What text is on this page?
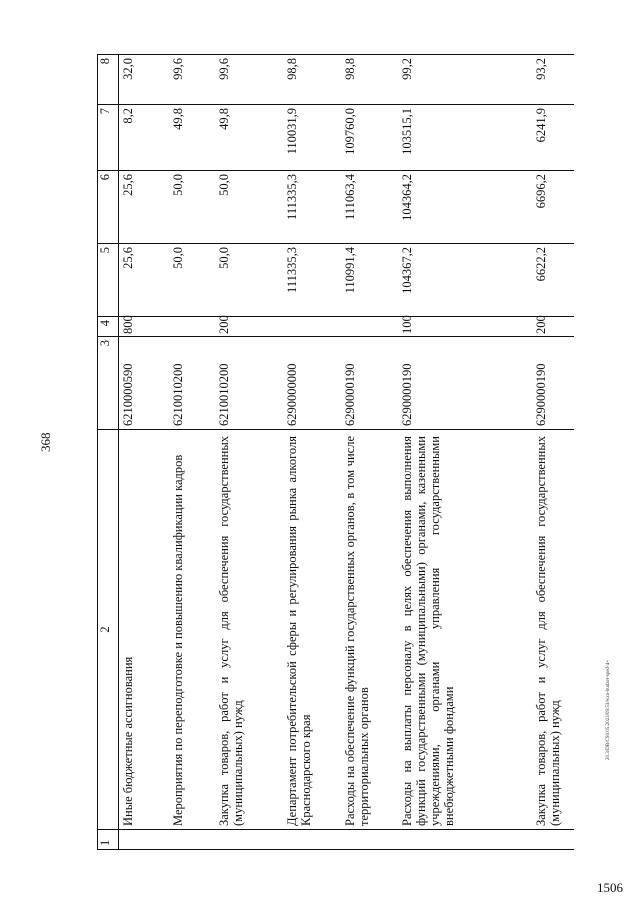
368
20.3/DB/CS0.05.2023/09:53/wzn-budzet-sped-4+
1506
1	2	3	4	5	6	7	8
	Иные бюджетные ассигнования	6210000590	800	25,6	25,6	8,2	32,0
	Мероприятия по переподготовке и повышению квалификации кадров	6210010200		50,0	50,0	49,8	99,6
	Закупка товаров, работ и услуг для обеспечения государственных (муниципальных) нужд	6210010200	200	50,0	50,0	49,8	99,6
	Департамент потребительской сферы и регулирования рынка алкоголя Краснодарского края	6290000000		111335,3	111335,3	110031,9	98,8
	Расходы на обеспечение функций государственных органов, в том числе территориальных органов	6290000190		110991,4	111063,4	109760,0	98,8
	Расходы на выплаты персоналу в целях обеспечения выполнения функций государственными (муниципальными) органами, казенными учреждениями, органами управления государственными внебюджетными фондами	6290000190	100	104367,2	104364,2	103515,1	99,2
	Закупка товаров, работ и услуг для обеспечения государственных (муниципальных) нужд	6290000190	200	6622,2	6696,2	6241,9	93,2
